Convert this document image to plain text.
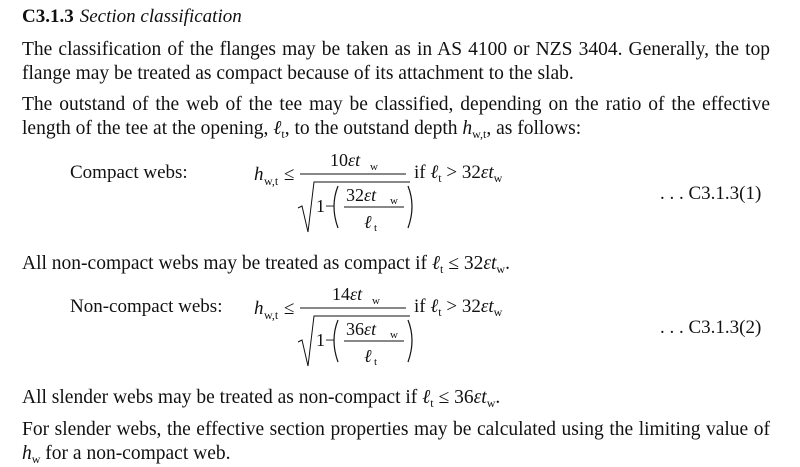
C3.1.3 Section classification
The classification of the flanges may be taken as in AS 4100 or NZS 3404. Generally, the top flange may be treated as compact because of its attachment to the slab.
The outstand of the web of the tee may be classified, depending on the ratio of the effective length of the tee at the opening, ℓ$_t$, to the outstand depth $h_{w,t}$, as follows:
Compact webs:	h w,t ≤
10εt w
1−
32εt w
ℓ t
if ℓ$_t$ > $32\varepsilon t_w$
. . . C3.1.3(1)
All non-compact webs may be treated as compact if ℓ$_t$ ≤ $32\varepsilon t_w$.
Non-compact webs: h w,t ≤
14εt w
1−
36εt w
ℓ t
if ℓ$_t$ > $32\varepsilon t_w$
. . . C3.1.3(2)
All slender webs may be treated as non-compact if ℓ$_t$ ≤ $36\varepsilon t_w$.
For slender webs, the effective section properties may be calculated using the limiting value of $h_w$ for a non-compact web.
